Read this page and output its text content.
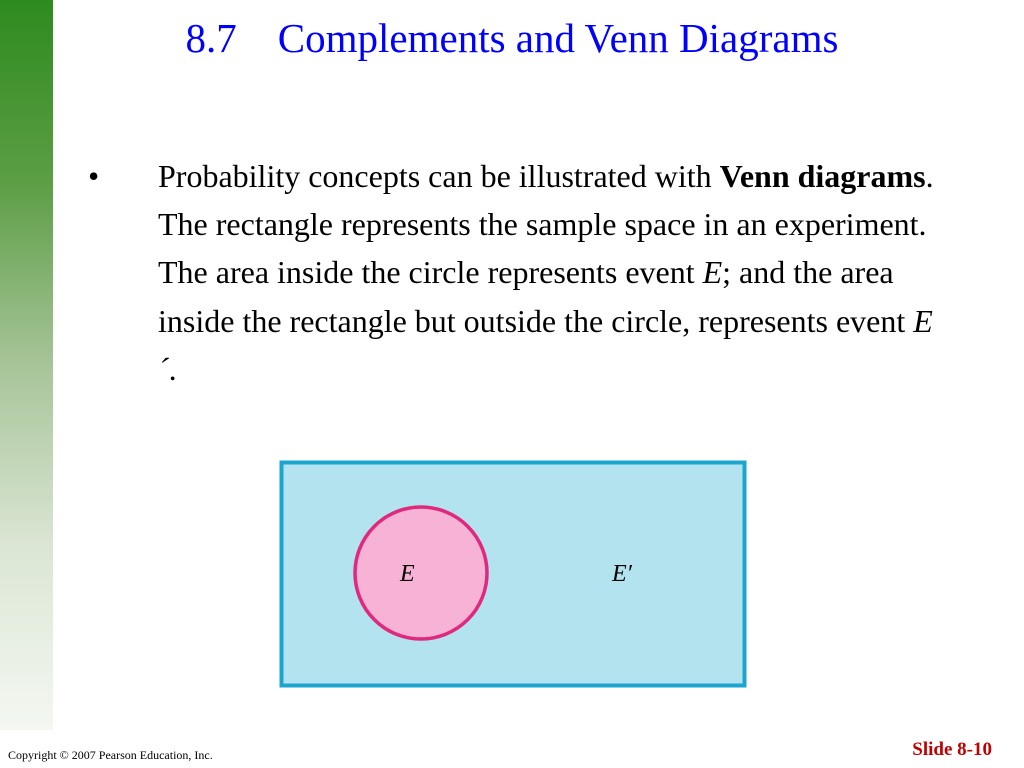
8.7    Complements and Venn Diagrams
• Probability concepts can be illustrated with Venn diagrams. The rectangle represents the sample space in an experiment. The area inside the circle represents event E; and the area inside the rectangle but outside the circle, represents event E´.
E	E′
Copyright © 2007 Pearson Education, Inc.	Slide 8-10
